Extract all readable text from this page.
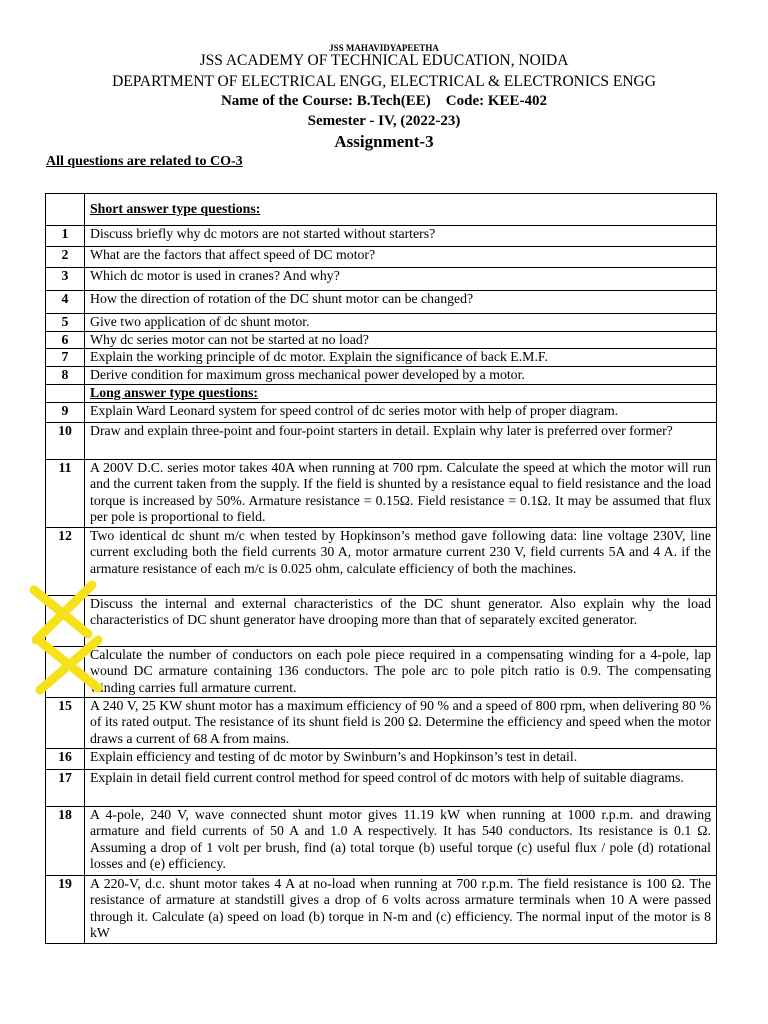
JSS MAHAVIDYAPEETHA
JSS ACADEMY OF TECHNICAL EDUCATION, NOIDA
DEPARTMENT OF ELECTRICAL ENGG, ELECTRICAL & ELECTRONICS ENGG
Name of the Course: B.Tech(EE)    Code: KEE-402
Semester - IV, (2022-23)
Assignment-3
All questions are related to CO-3
	Short answer type questions:
1	Discuss briefly why dc motors are not started without starters?
2	What are the factors that affect speed of DC motor?
3	Which dc motor is used in cranes? And why?
4	How the direction of rotation of the DC shunt motor can be changed?
5	Give two application of dc shunt motor.
6	Why dc series motor can not be started at no load?
7	Explain the working principle of dc motor. Explain the significance of back E.M.F.
8	Derive condition for maximum gross mechanical power developed by a motor.
	Long answer type questions:
9	Explain Ward Leonard system for speed control of dc series motor with help of proper diagram.
10	Draw and explain three-point and four-point starters in detail. Explain why later is preferred over former?
11	A 200V D.C. series motor takes 40A when running at 700 rpm. Calculate the speed at which the motor will run and the current taken from the supply. If the field is shunted by a resistance equal to field resistance and the load torque is increased by 50%. Armature resistance = 0.15Ω. Field resistance = 0.1Ω. It may be assumed that flux per pole is proportional to field.
12	Two identical dc shunt m/c when tested by Hopkinson’s method gave following data: line voltage 230V, line current excluding both the field currents 30 A, motor armature current 230 V, field currents 5A and 4 A. if the armature resistance of each m/c is 0.025 ohm, calculate efficiency of both the machines.
	Discuss the internal and external characteristics of the DC shunt generator. Also explain why the load characteristics of DC shunt generator have drooping more than that of separately excited generator.
	Calculate the number of conductors on each pole piece required in a compensating winding for a 4-pole, lap wound DC armature containing 136 conductors. The pole arc to pole pitch ratio is 0.9. The compensating winding carries full armature current.
15	A 240 V, 25 KW shunt motor has a maximum efficiency of 90 % and a speed of 800 rpm, when delivering 80 % of its rated output. The resistance of its shunt field is 200 Ω. Determine the efficiency and speed when the motor draws a current of 68 A from mains.
16	Explain efficiency and testing of dc motor by Swinburn’s and Hopkinson’s test in detail.
17	Explain in detail field current control method for speed control of dc motors with help of suitable diagrams.
18	A 4-pole, 240 V, wave connected shunt motor gives 11.19 kW when running at 1000 r.p.m. and drawing armature and field currents of 50 A and 1.0 A respectively. It has 540 conductors. Its resistance is 0.1 Ω. Assuming a drop of 1 volt per brush, find (a) total torque (b) useful torque (c) useful flux / pole (d) rotational losses and (e) efficiency.
19	A 220-V, d.c. shunt motor takes 4 A at no-load when running at 700 r.p.m. The field resistance is 100 Ω. The resistance of armature at standstill gives a drop of 6 volts across armature terminals when 10 A were passed through it. Calculate (a) speed on load (b) torque in N-m and (c) efficiency. The normal input of the motor is 8 kW
